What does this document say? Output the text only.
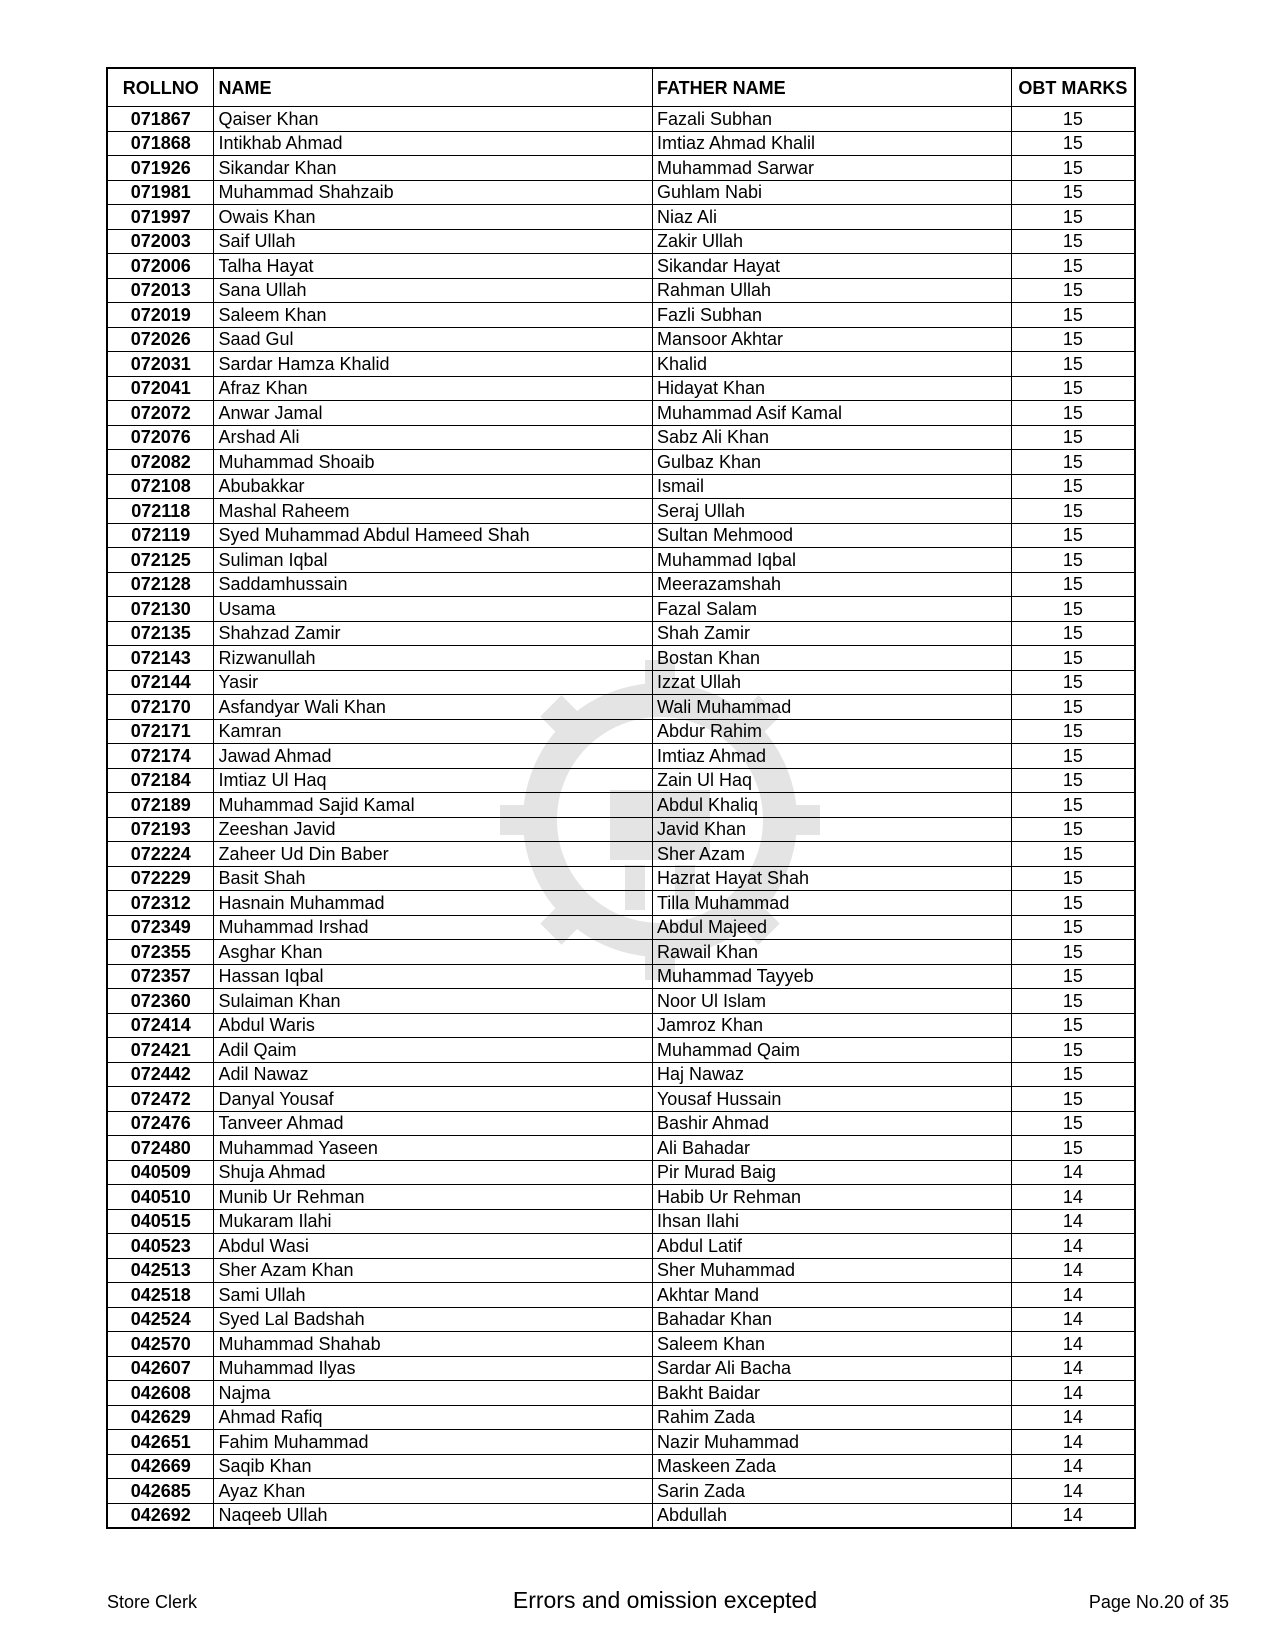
ROLLNO	NAME	FATHER NAME	OBT MARKS
071867	Qaiser Khan	Fazali Subhan	15
071868	Intikhab Ahmad	Imtiaz Ahmad Khalil	15
071926	Sikandar Khan	Muhammad Sarwar	15
071981	Muhammad Shahzaib	Guhlam Nabi	15
071997	Owais Khan	Niaz Ali	15
072003	Saif Ullah	Zakir Ullah	15
072006	Talha Hayat	Sikandar Hayat	15
072013	Sana Ullah	Rahman Ullah	15
072019	Saleem Khan	Fazli Subhan	15
072026	Saad Gul	Mansoor Akhtar	15
072031	Sardar Hamza Khalid	Khalid	15
072041	Afraz Khan	Hidayat Khan	15
072072	Anwar Jamal	Muhammad Asif Kamal	15
072076	Arshad Ali	Sabz Ali Khan	15
072082	Muhammad Shoaib	Gulbaz Khan	15
072108	Abubakkar	Ismail	15
072118	Mashal Raheem	Seraj Ullah	15
072119	Syed Muhammad Abdul Hameed Shah	Sultan Mehmood	15
072125	Suliman Iqbal	Muhammad Iqbal	15
072128	Saddamhussain	Meerazamshah	15
072130	Usama	Fazal Salam	15
072135	Shahzad Zamir	Shah Zamir	15
072143	Rizwanullah	Bostan Khan	15
072144	Yasir	Izzat Ullah	15
072170	Asfandyar Wali Khan	Wali Muhammad	15
072171	Kamran	Abdur Rahim	15
072174	Jawad Ahmad	Imtiaz Ahmad	15
072184	Imtiaz Ul Haq	Zain Ul Haq	15
072189	Muhammad Sajid Kamal	Abdul Khaliq	15
072193	Zeeshan Javid	Javid Khan	15
072224	Zaheer Ud Din Baber	Sher Azam	15
072229	Basit Shah	Hazrat Hayat Shah	15
072312	Hasnain Muhammad	Tilla Muhammad	15
072349	Muhammad Irshad	Abdul Majeed	15
072355	Asghar Khan	Rawail Khan	15
072357	Hassan Iqbal	Muhammad Tayyeb	15
072360	Sulaiman Khan	Noor Ul Islam	15
072414	Abdul Waris	Jamroz Khan	15
072421	Adil Qaim	Muhammad Qaim	15
072442	Adil Nawaz	Haj Nawaz	15
072472	Danyal Yousaf	Yousaf Hussain	15
072476	Tanveer Ahmad	Bashir Ahmad	15
072480	Muhammad Yaseen	Ali Bahadar	15
040509	Shuja Ahmad	Pir Murad Baig	14
040510	Munib Ur Rehman	Habib Ur Rehman	14
040515	Mukaram Ilahi	Ihsan Ilahi	14
040523	Abdul Wasi	Abdul Latif	14
042513	Sher Azam Khan	Sher Muhammad	14
042518	Sami Ullah	Akhtar Mand	14
042524	Syed Lal Badshah	Bahadar Khan	14
042570	Muhammad Shahab	Saleem Khan	14
042607	Muhammad Ilyas	Sardar Ali Bacha	14
042608	Najma	Bakht Baidar	14
042629	Ahmad Rafiq	Rahim Zada	14
042651	Fahim Muhammad	Nazir Muhammad	14
042669	Saqib Khan	Maskeen Zada	14
042685	Ayaz Khan	Sarin Zada	14
042692	Naqeeb Ullah	Abdullah	14
Store Clerk	Errors and omission excepted	Page No.20 of 35
